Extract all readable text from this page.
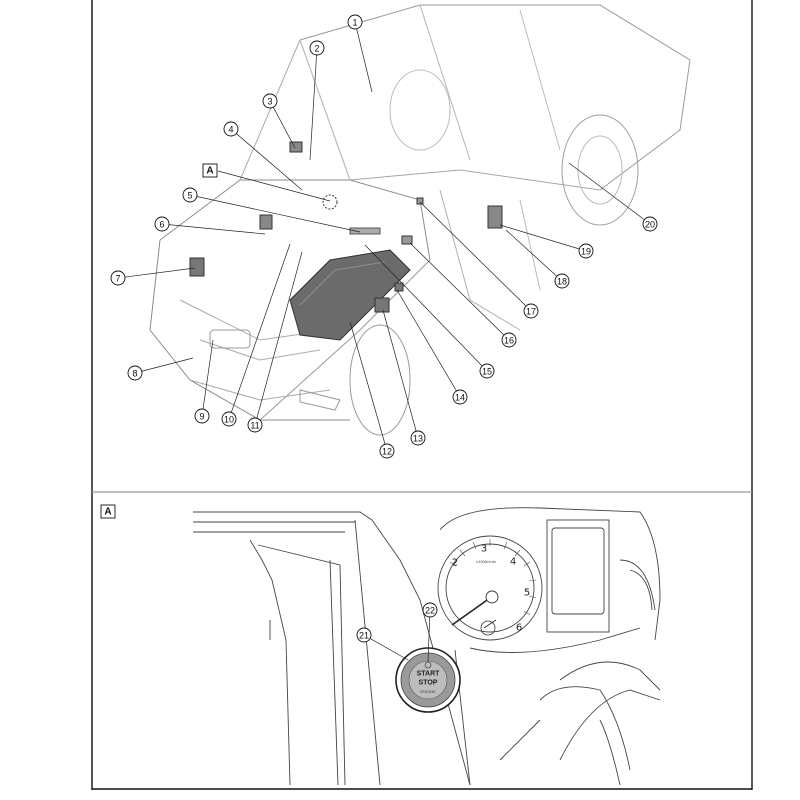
1
2
3
4
A
5
6
7
8
9 10
11
12
13
14
15
16
17
18
19
20
A
2
3
4
5
6
x1000r/min
START
STOP
ENGINE
21
22
